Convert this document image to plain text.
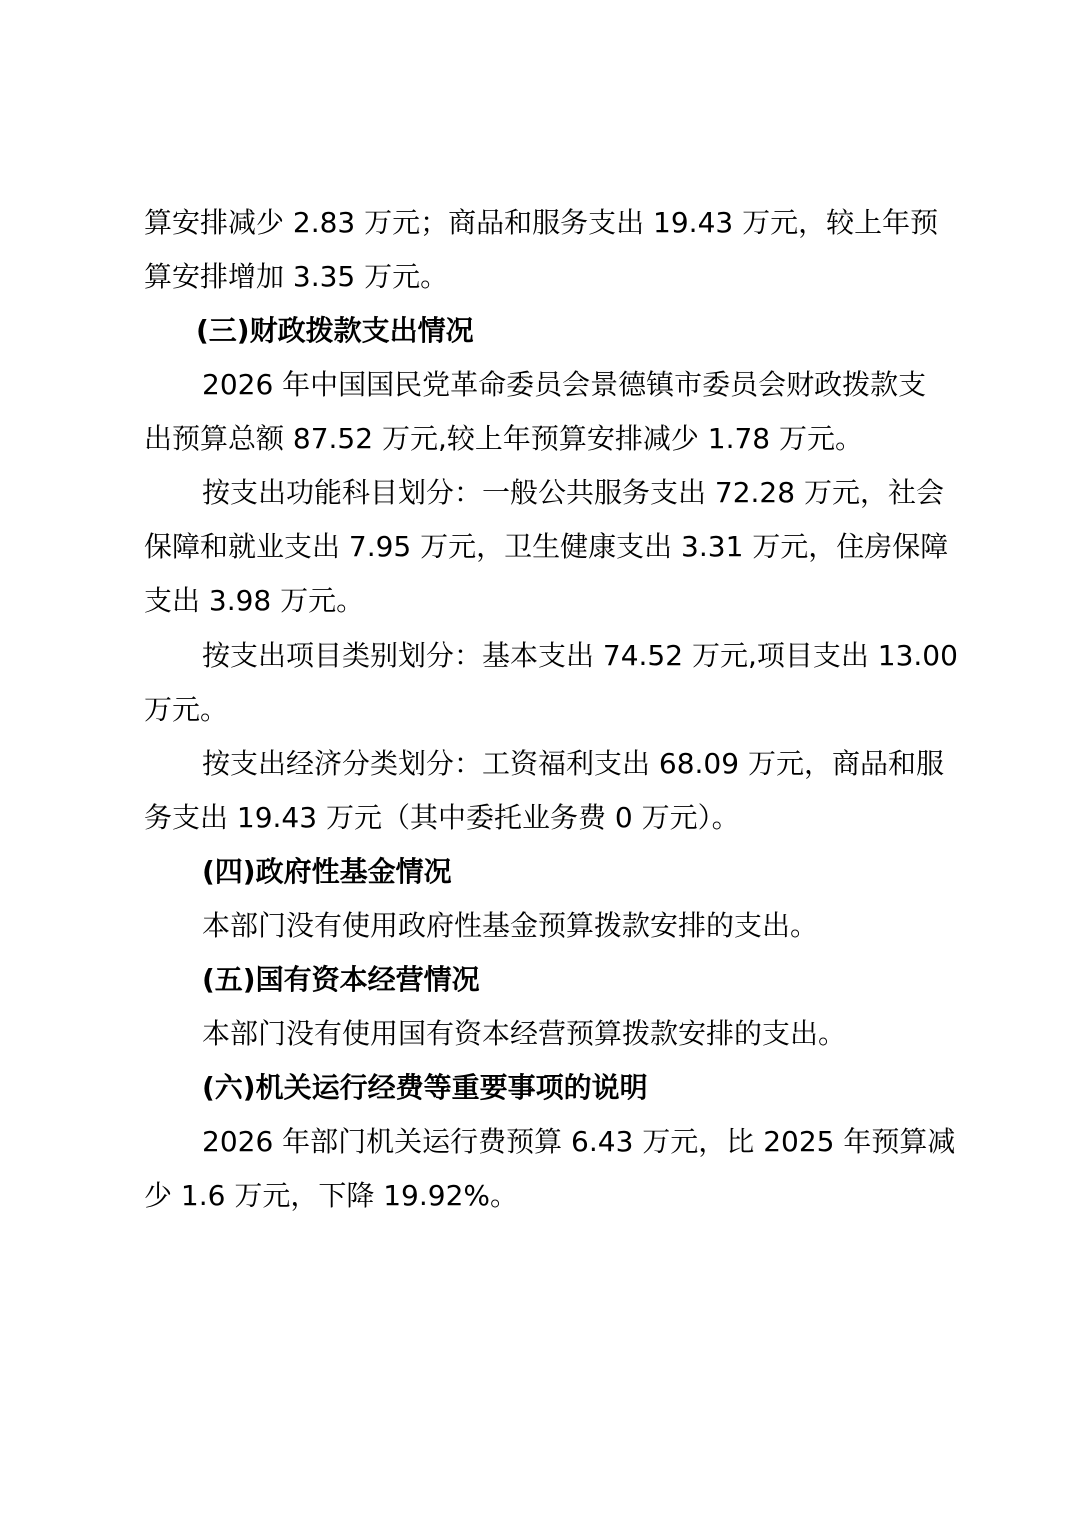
算安排减少 2.83 万元；商品和服务支出 19.43 万元，较上年预
算安排增加 3.35 万元。
(三)财政拨款支出情况
2026 年中国国民党革命委员会景德镇市委员会财政拨款支
出预算总额 87.52 万元,较上年预算安排减少 1.78 万元。
按支出功能科目划分：一般公共服务支出 72.28 万元，社会
保障和就业支出 7.95 万元，卫生健康支出 3.31 万元，住房保障
支出 3.98 万元。
按支出项目类别划分：基本支出 74.52 万元,项目支出 13.00
万元。
按支出经济分类划分：工资福利支出 68.09 万元，商品和服
务支出 19.43 万元（其中委托业务费 0 万元）。
(四)政府性基金情况
本部门没有使用政府性基金预算拨款安排的支出。
(五)国有资本经营情况
本部门没有使用国有资本经营预算拨款安排的支出。
(六)机关运行经费等重要事项的说明
2026 年部门机关运行费预算 6.43 万元，比 2025 年预算减
少 1.6 万元，下降 19.92%。
